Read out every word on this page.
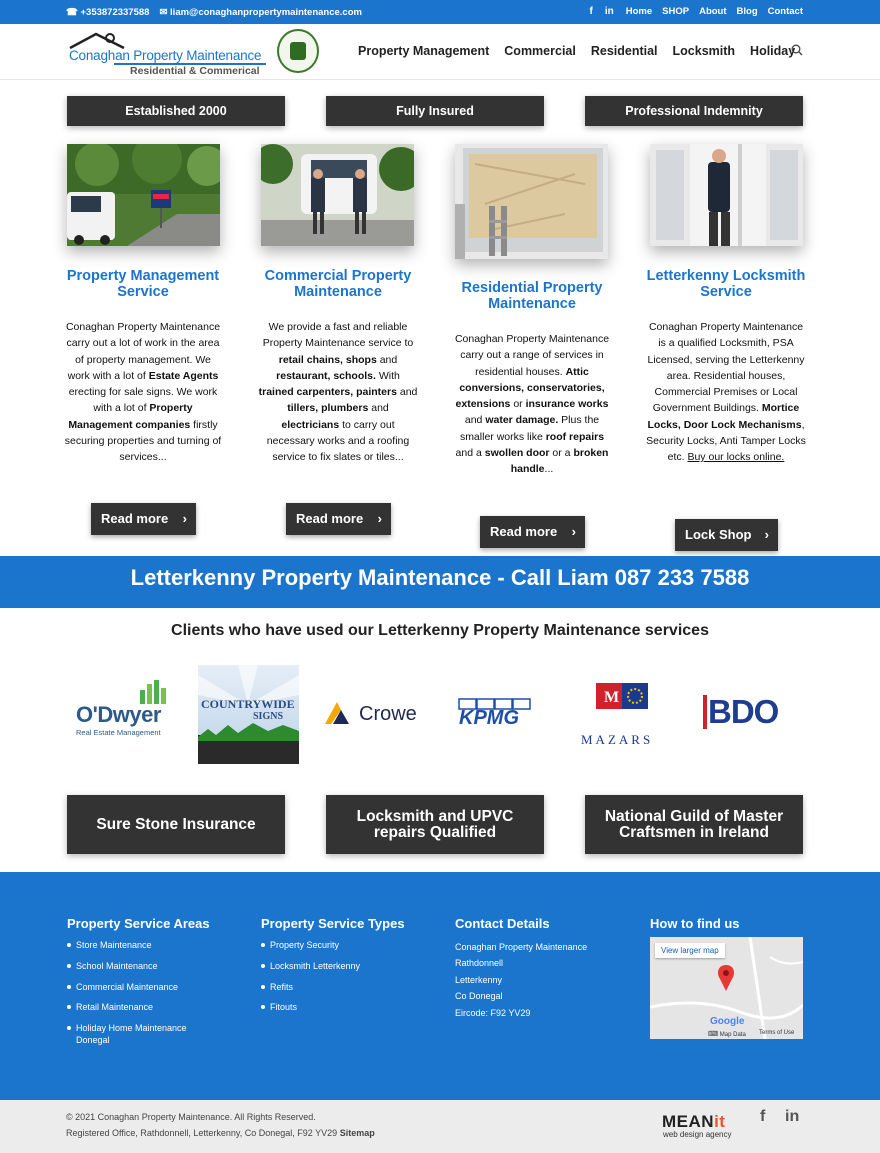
☎ +353872337588 ✉ liam@conaghanpropertymaintenance.com	f in Home SHOP About Blog Contact
Conaghan Property Maintenance
Residential & Commerical
Property Management Commercial Residential Locksmith Holiday
Established 2000	Fully Insured	Professional Indemnity
Property Management Service
Commercial Property Maintenance	Residential Property Maintenance
Letterkenny Locksmith Service
Conaghan Property Maintenance carry out a lot of work in the area of property management. We work with a lot of Estate Agents erecting for sale signs. We work with a lot of Property Management companies firstly securing properties and turning of services...
We provide a fast and reliable Property Maintenance service to retail chains, shops and restaurant, schools. With trained carpenters, painters and tillers, plumbers and electricians to carry out necessary works and a roofing service to fix slates or tiles...
Conaghan Property Maintenance carry out a range of services in residential houses. Attic conversions, conservatories, extensions or insurance works and water damage. Plus the smaller works like roof repairs and a swollen door or a broken handle...
Conaghan Property Maintenance is a qualified Locksmith, PSA Licensed, serving the Letterkenny area. Residential houses, Commercial Premises or Local Government Buildings. Mortice Locks, Door Lock Mechanisms, Security Locks, Anti Tamper Locks etc. Buy our locks online.
Read more ›	Read more ›
Read more ›	Lock Shop ›
Letterkenny Property Maintenance - Call Liam 087 233 7588
Clients who have used our Letterkenny Property Maintenance services
O'Dwyer
Real Estate Management
COUNTRYWIDE
SIGNS	Crowe KPMG
M
MAZARS
BDO
Sure Stone Insurance	Locksmith and UPVC repairs Qualified
National Guild of Master Craftsmen in Ireland
Property Service Areas
Store Maintenance
School Maintenance
Commercial Maintenance
Retail Maintenance
Holiday Home Maintenance Donegal
Property Service Types
Property Security
Locksmith Letterkenny
Refits
Fitouts
Contact Details

Conaghan Property Maintenance

Rathdonnell

Letterkenny

Co Donegal

Eircode: F92 YV29

How to find us
View larger map
Google
⌨ Map Data Terms of Use
© 2021 Conaghan Property Maintenance. All Rights Reserved.
Registered Office, Rathdonnell, Letterkenny, Co Donegal, F92 YV29 Sitemap
MEANit
web design agency
f in
